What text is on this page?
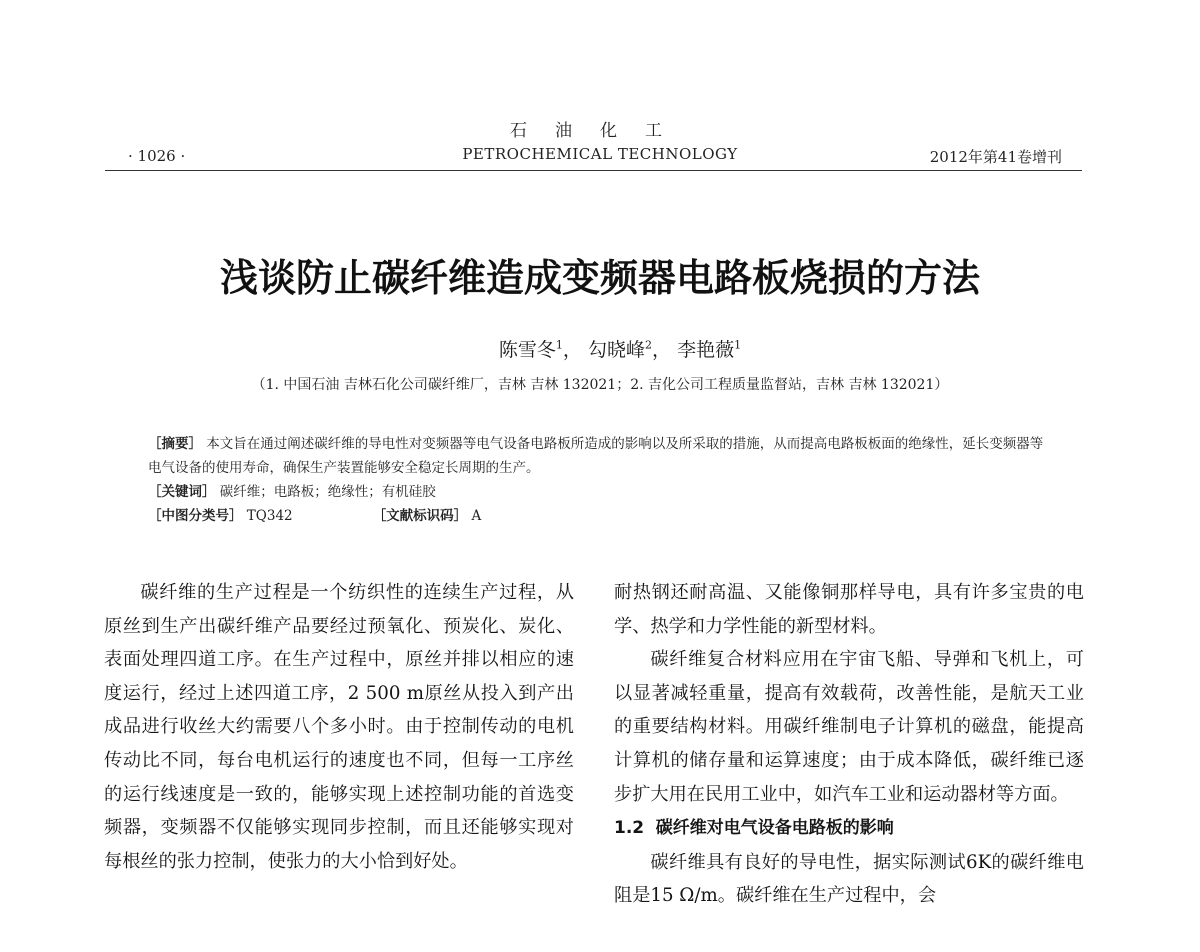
石油化工
· 1026 ·	PETROCHEMICAL TECHNOLOGY	2012年第41卷增刊
浅谈防止碳纤维造成变频器电路板烧损的方法
陈雪冬$^1$， 勾晓峰$^2$， 李艳薇$^1$
（1. 中国石油 吉林石化公司碳纤维厂，吉林 吉林 132021；2. 吉化公司工程质量监督站，吉林 吉林 132021）

［摘要］ 本文旨在通过阐述碳纤维的导电性对变频器等电气设备电路板所造成的影响以及所采取的措施，从而提高电路板板面的绝缘性，延长变频器等电气设备的使用寿命，确保生产装置能够安全稳定长周期的生产。

［关键词］ 碳纤维；电路板；绝缘性；有机硅胶

［中图分类号］ TQ342	［文献标识码］ A

碳纤维的生产过程是一个纺织性的连续生产过程，从原丝到生产出碳纤维产品要经过预氧化、预炭化、炭化、表面处理四道工序。在生产过程中，原丝并排以相应的速度运行，经过上述四道工序，2 500 m原丝从投入到产出成品进行收丝大约需要八个多小时。由于控制传动的电机传动比不同，每台电机运行的速度也不同，但每一工序丝的运行线速度是一致的，能够实现上述控制功能的首选变频器，变频器不仅能够实现同步控制，而且还能够实现对每根丝的张力控制，使张力的大小恰到好处。

耐热钢还耐高温、又能像铜那样导电，具有许多宝贵的电学、热学和力学性能的新型材料。

碳纤维复合材料应用在宇宙飞船、导弹和飞机上，可以显著减轻重量，提高有效载荷，改善性能，是航天工业的重要结构材料。用碳纤维制电子计算机的磁盘，能提高计算机的储存量和运算速度；由于成本降低，碳纤维已逐步扩大用在民用工业中，如汽车工业和运动器材等方面。

1.2 碳纤维对电气设备电路板的影响

碳纤维具有良好的导电性，据实际测试6K的碳纤维电阻是15 Ω/m。碳纤维在生产过程中，会
